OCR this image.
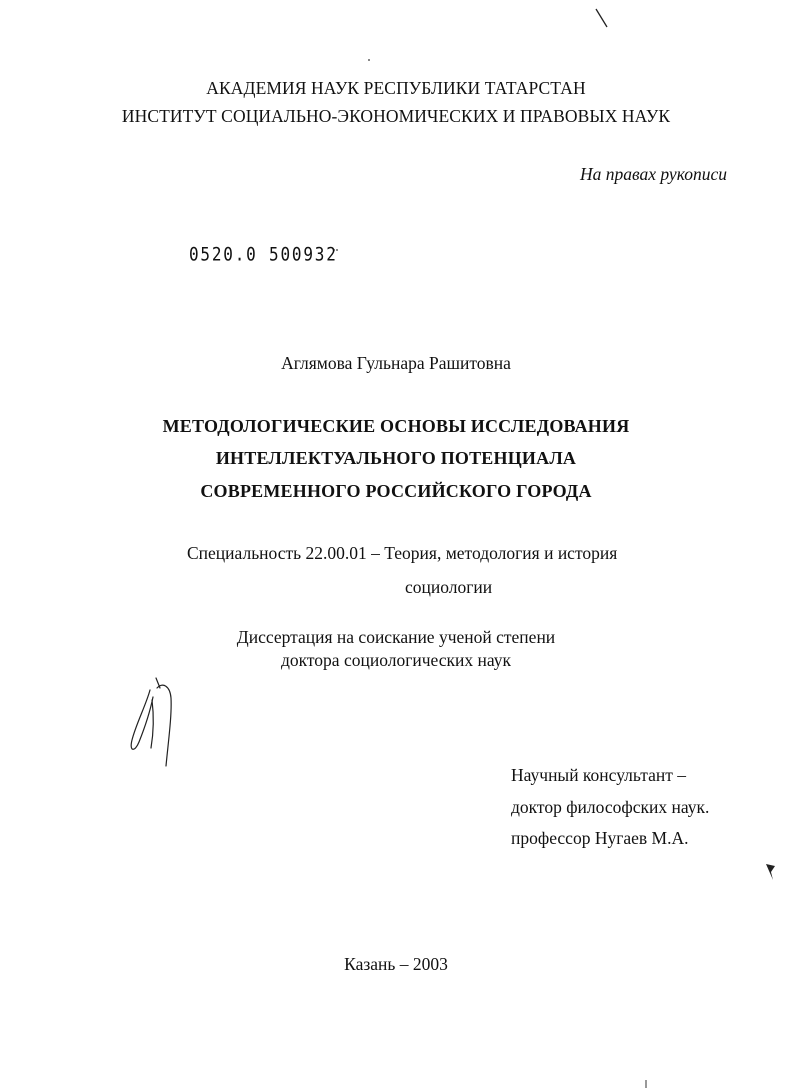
АКАДЕМИЯ НАУК РЕСПУБЛИКИ ТАТАРСТАН
ИНСТИТУТ СОЦИАЛЬНО-ЭКОНОМИЧЕСКИХ И ПРАВОВЫХ НАУК
На правах рукописи
0520.0 500932
Аглямова Гульнара Рашитовна
МЕТОДОЛОГИЧЕСКИЕ ОСНОВЫ ИССЛЕДОВАНИЯ
ИНТЕЛЛЕКТУАЛЬНОГО ПОТЕНЦИАЛА
СОВРЕМЕННОГО РОССИЙСКОГО ГОРОДА
Специальность 22.00.01 – Теория, методология и история
социологии
Диссертация на соискание ученой степени
доктора социологических наук
Научный консультант –
доктор философских наук.
профессор Нугаев М.А.
Казань – 2003
